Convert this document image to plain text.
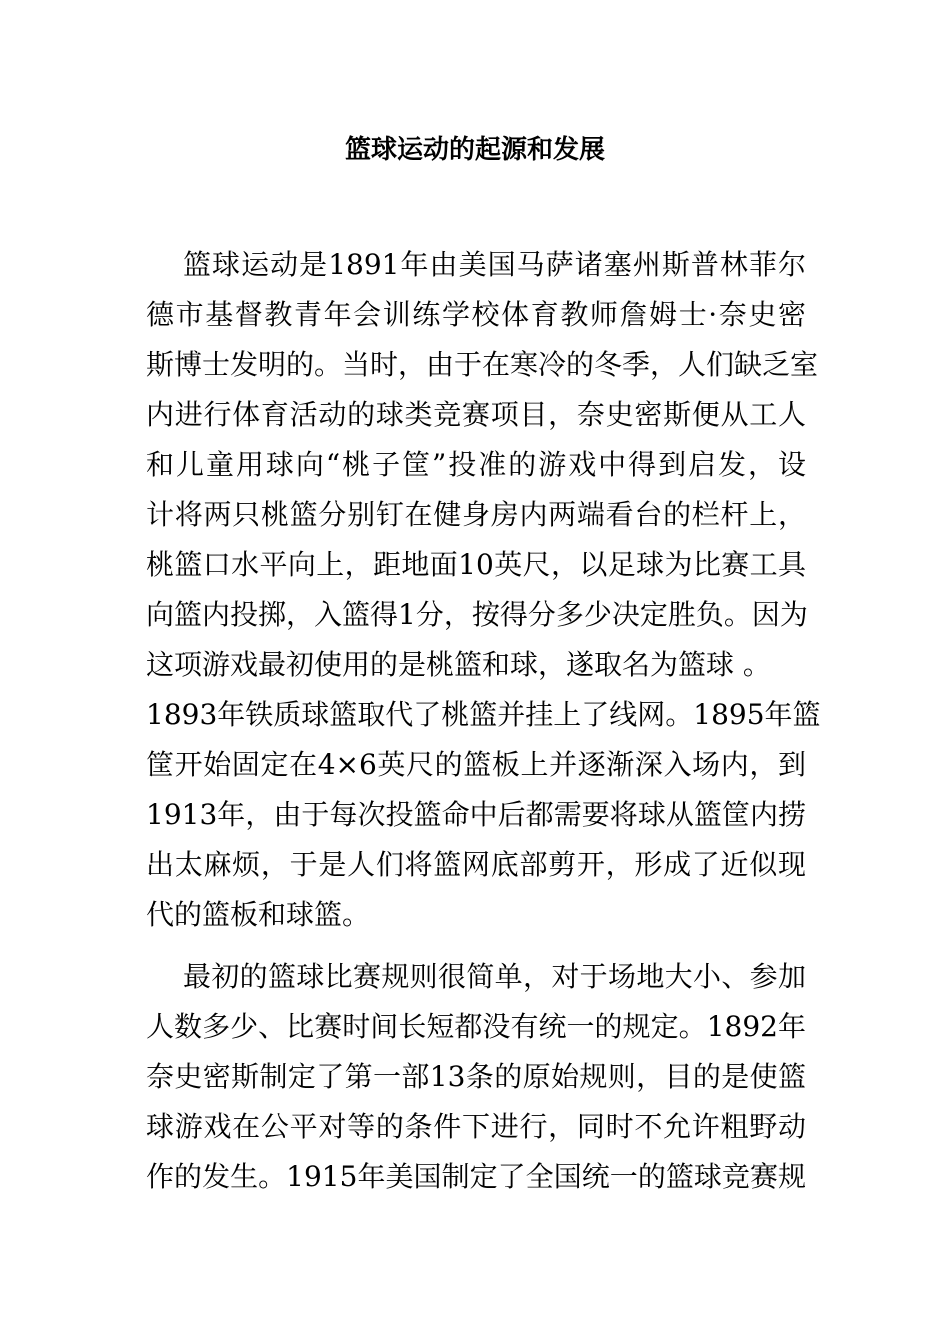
篮球运动的起源和发展
篮球运动是1891年由美国马萨诸塞州斯普林菲尔
德市基督教青年会训练学校体育教师詹姆士·奈史密
斯博士发明的。当时，由于在寒冷的冬季，人们缺乏室
内进行体育活动的球类竞赛项目，奈史密斯便从工人
和儿童用球向“桃子筐”投准的游戏中得到启发，设
计将两只桃篮分别钉在健身房内两端看台的栏杆上，
桃篮口水平向上，距地面10英尺，以足球为比赛工具
向篮内投掷，入篮得1分，按得分多少决定胜负。因为
这项游戏最初使用的是桃篮和球，遂取名为篮球 。
1893年铁质球篮取代了桃篮并挂上了线网。1895年篮
筐开始固定在4×6英尺的篮板上并逐渐深入场内，到
1913年，由于每次投篮命中后都需要将球从篮筐内捞
出太麻烦，于是人们将篮网底部剪开，形成了近似现
代的篮板和球篮。
最初的篮球比赛规则很简单，对于场地大小、参加
人数多少、比赛时间长短都没有统一的规定。1892年
奈史密斯制定了第一部13条的原始规则，目的是使篮
球游戏在公平对等的条件下进行，同时不允许粗野动
作的发生。1915年美国制定了全国统一的篮球竞赛规
